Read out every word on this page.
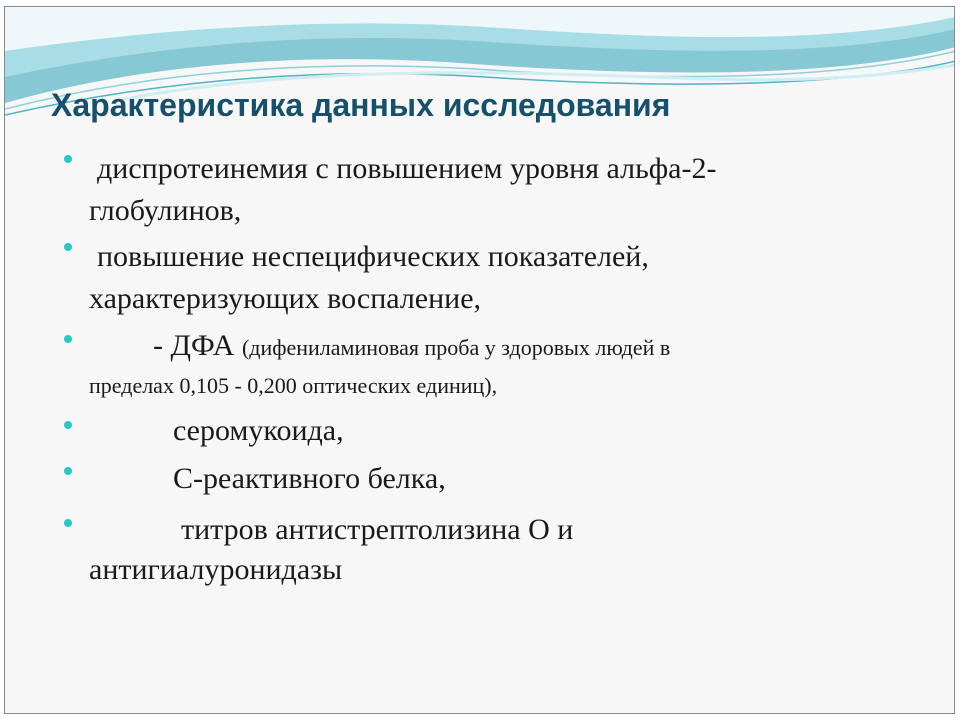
Характеристика данных исследования
диспротеинемия с повышением уровня альфа-2-
глобулинов,
повышение неспецифических показателей,
характеризующих воспаление,
- ДФА (дифениламиновая проба у здоровых людей в
пределах 0,105 - 0,200 оптических единиц),
серомукоида,
С-реактивного белка,
титров антистрептолизина О и
антигиалуронидазы
